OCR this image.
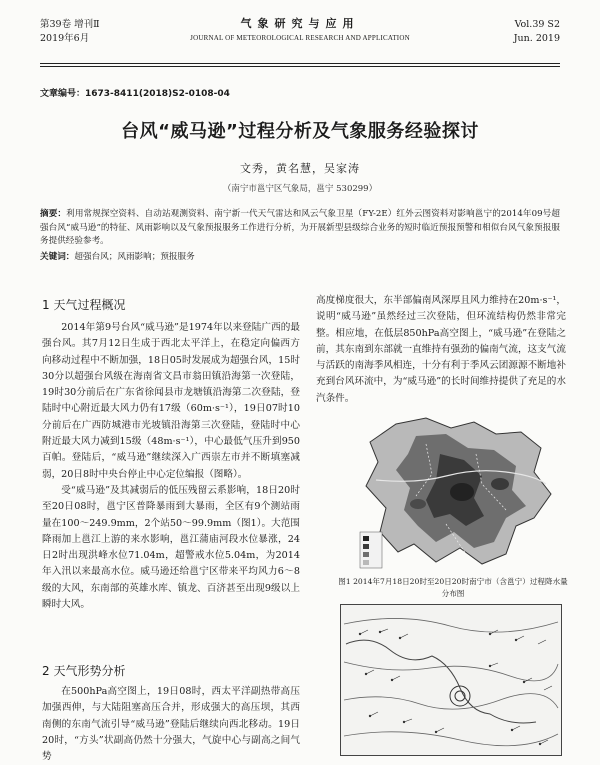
第39卷 增刊Ⅱ
2019年6月
气象研究与应用
JOURNAL OF METEOROLOGICAL RESEARCH AND APPLICATION
Vol.39 S2
Jun. 2019
文章编号：1673-8411(2018)S2-0108-04
台风“威马逊”过程分析及气象服务经验探讨
文秀，黄名慧，吴家涛
（南宁市邕宁区气象局，邕宁 530299）
摘要：利用常规探空资料、自动站观测资料、南宁新一代天气雷达和风云气象卫星（FY-2E）红外云图资料对影响邕宁的2014年09号超强台风“威马逊”的特征、风雨影响以及气象预报服务工作进行分析，为开展新型县级综合业务的短时临近预报预警和相似台风气象预报服务提供经验参考。
关键词：超强台风；风雨影响；预报服务
1 天气过程概况

2014年第9号台风“威马逊”是1974年以来登陆广西的最强台风。其7月12日生成于西北太平洋上，在稳定向偏西方向移动过程中不断加强，18日05时发展成为超强台风，15时30分以超强台风级在海南省文昌市翁田镇沿海第一次登陆，19时30分前后在广东省徐闻县市龙塘镇沿海第二次登陆，登陆时中心附近最大风力仍有17级（60m·s⁻¹），19日07时10分前后在广西防城港市光坡镇沿海第三次登陆，登陆时中心附近最大风力减到15级（48m·s⁻¹），中心最低气压升到950百帕。登陆后，“威马逊”继续深入广西崇左市并不断填塞减弱，20日8时中央台停止中心定位编报（图略）。

受“威马逊”及其减弱后的低压残留云系影响，18日20时至20日08时，邕宁区普降暴雨到大暴雨，全区有9个测站雨量在100～249.9mm，2个站50～99.9mm（图1）。大范围降雨加上邕江上游的来水影响，邕江蒲庙河段水位暴涨，24日2时出现洪峰水位71.04m，超警戒水位5.04m，为2014年入汛以来最高水位。威马逊还给邕宁区带来平均风力6～8级的大风，东南部的英雄水库、镇龙、百济甚至出现9级以上瞬时大风。

2 天气形势分析

在500hPa高空图上，19日08时，西太平洋副热带高压加强西伸，与大陆阻塞高压合并，形成强大的高压坝，其西南侧的东南气流引导“威马逊”登陆后继续向西北移动。19日20时，“方头”状副高仍然十分强大，气旋中心与副高之间气势

高度梯度很大，东半部偏南风深厚且风力维持在20m·s⁻¹，说明“威马逊”虽然经过三次登陆，但环流结构仍然非常完整。相应地，在低层850hPa高空图上，“威马逊”在登陆之前，其东南到东部就一直维持有强劲的偏南气流，这支气流与活跃的南海季风相连，十分有利于季风云团源源不断地补充到台风环流中，为“威马逊”的长时间维持提供了充足的水汽条件。

图1 2014年7月18日20时至20日20时南宁市（含邕宁）过程降水量分布图
